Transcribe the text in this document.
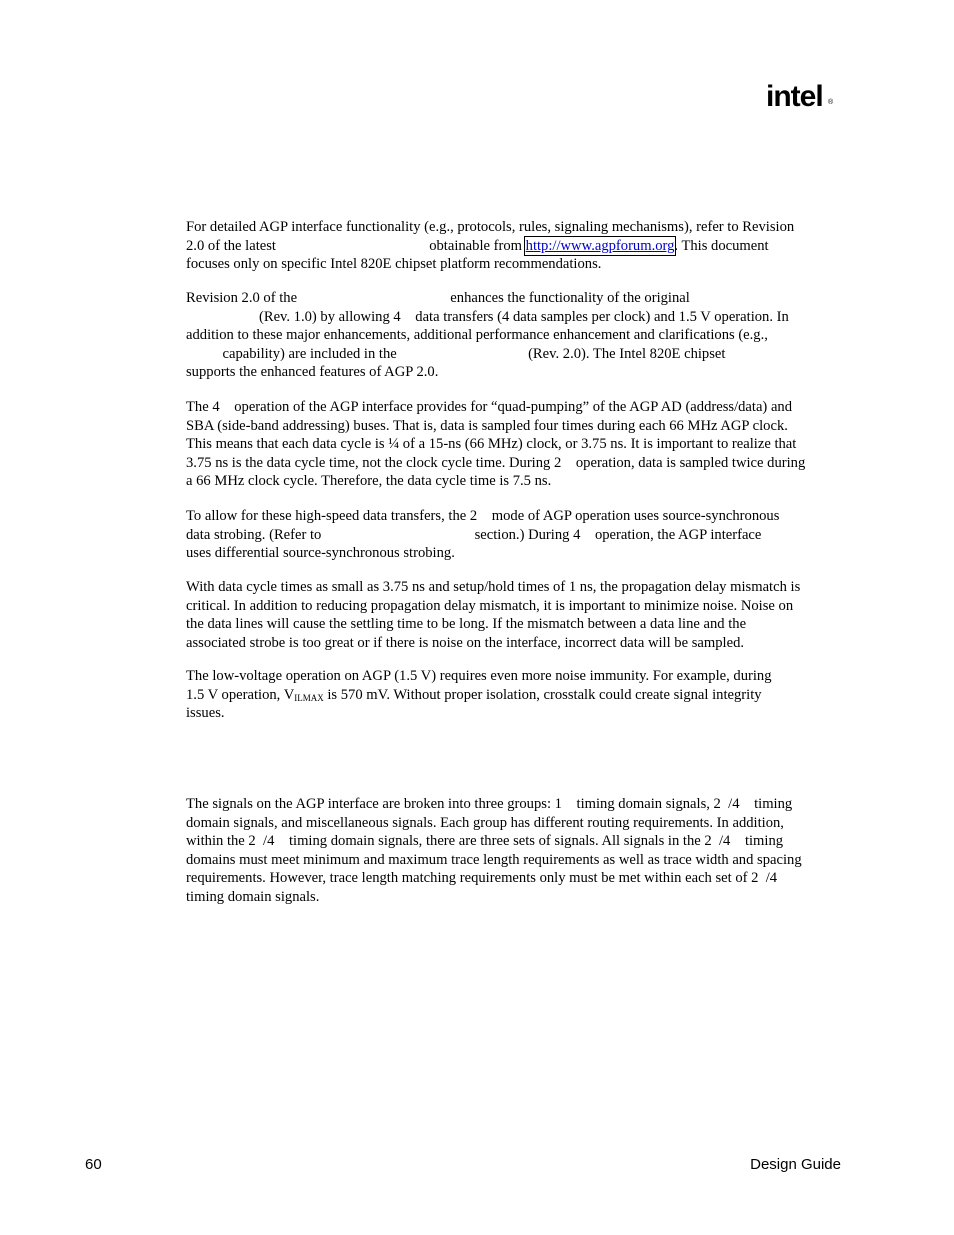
intel ®
For detailed AGP interface functionality (e.g., protocols, rules, signaling mechanisms), refer to Revision
2.0 of the latest                                          obtainable from http://www.agpforum.org. This document
focuses only on specific Intel 820E chipset platform recommendations.
Revision 2.0 of the                                          enhances the functionality of the original
(Rev. 1.0) by allowing 4    data transfers (4 data samples per clock) and 1.5 V operation. In
addition to these major enhancements, additional performance enhancement and clarifications (e.g.,
capability) are included in the                                    (Rev. 2.0). The Intel 820E chipset
supports the enhanced features of AGP 2.0.
The 4    operation of the AGP interface provides for “quad-pumping” of the AGP AD (address/data) and
SBA (side-band addressing) buses. That is, data is sampled four times during each 66 MHz AGP clock.
This means that each data cycle is ¼ of a 15-ns (66 MHz) clock, or 3.75 ns. It is important to realize that
3.75 ns is the data cycle time, not the clock cycle time. During 2    operation, data is sampled twice during
a 66 MHz clock cycle. Therefore, the data cycle time is 7.5 ns.
To allow for these high-speed data transfers, the 2    mode of AGP operation uses source-synchronous
data strobing. (Refer to                                          section.) During 4    operation, the AGP interface
uses differential source-synchronous strobing.
With data cycle times as small as 3.75 ns and setup/hold times of 1 ns, the propagation delay mismatch is
critical. In addition to reducing propagation delay mismatch, it is important to minimize noise. Noise on
the data lines will cause the settling time to be long. If the mismatch between a data line and the
associated strobe is too great or if there is noise on the interface, incorrect data will be sampled.
The low-voltage operation on AGP (1.5 V) requires even more noise immunity. For example, during
1.5 V operation, $V_{ILMAX}$ is 570 mV. Without proper isolation, crosstalk could create signal integrity
issues.
The signals on the AGP interface are broken into three groups: 1    timing domain signals, 2  /4    timing
domain signals, and miscellaneous signals. Each group has different routing requirements. In addition,
within the 2  /4    timing domain signals, there are three sets of signals. All signals in the 2  /4    timing
domains must meet minimum and maximum trace length requirements as well as trace width and spacing
requirements. However, trace length matching requirements only must be met within each set of 2  /4
timing domain signals.
60	Design Guide
